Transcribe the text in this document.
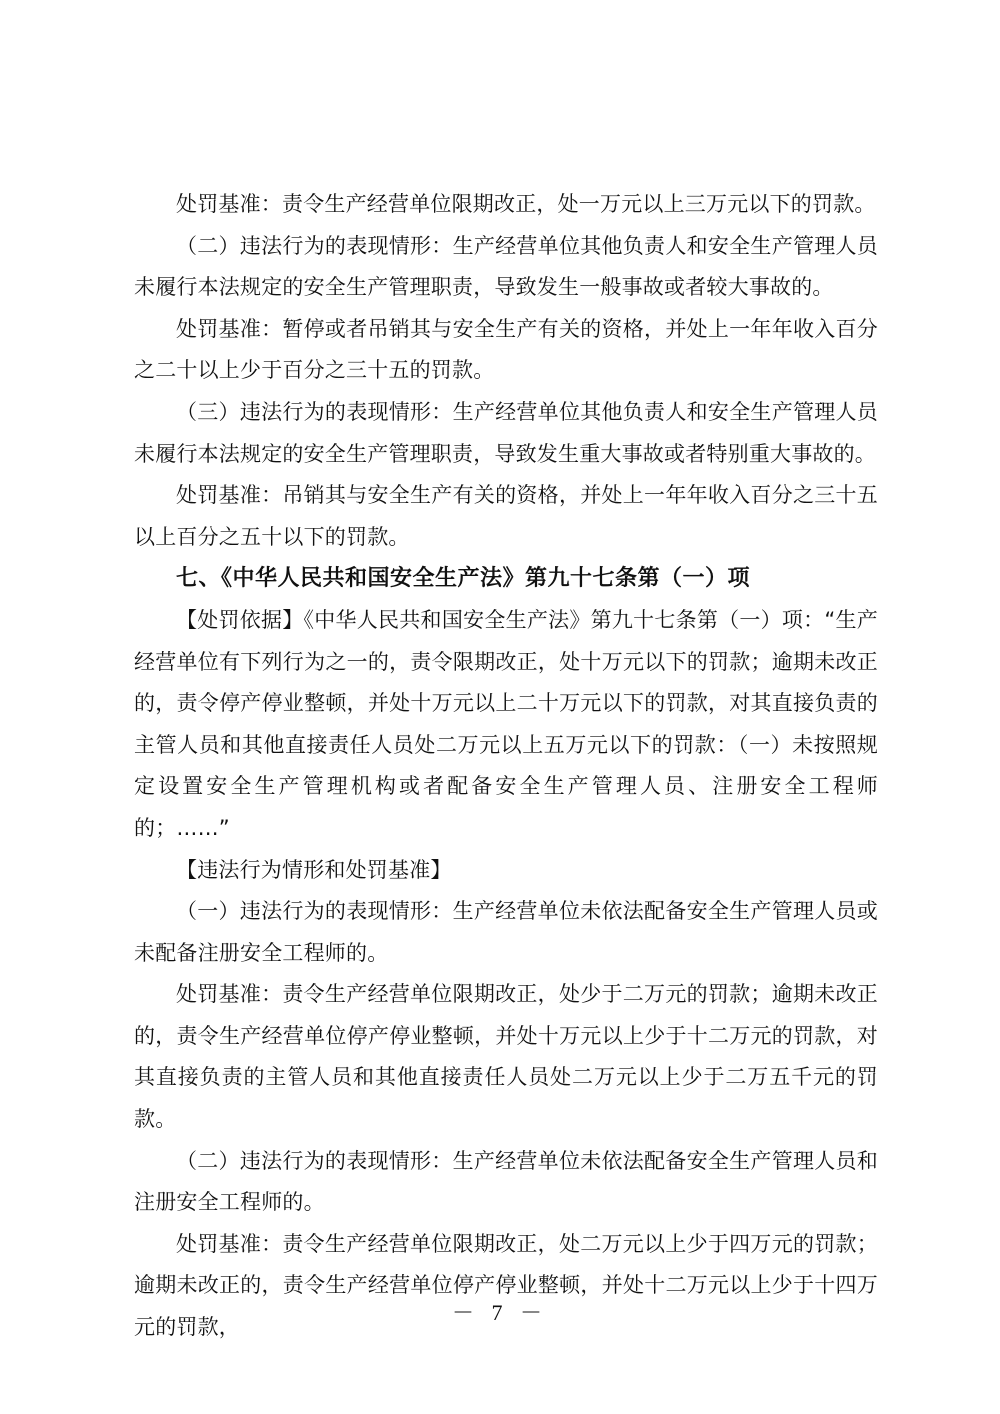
处罚基准：责令生产经营单位限期改正，处一万元以上三万元以下的罚款。

（二）违法行为的表现情形：生产经营单位其他负责人和安全生产管理人员未履行本法规定的安全生产管理职责，导致发生一般事故或者较大事故的。

处罚基准：暂停或者吊销其与安全生产有关的资格，并处上一年年收入百分之二十以上少于百分之三十五的罚款。

（三）违法行为的表现情形：生产经营单位其他负责人和安全生产管理人员未履行本法规定的安全生产管理职责，导致发生重大事故或者特别重大事故的。

处罚基准：吊销其与安全生产有关的资格，并处上一年年收入百分之三十五以上百分之五十以下的罚款。

七、《中华人民共和国安全生产法》第九十七条第（一）项

【处罚依据】《中华人民共和国安全生产法》第九十七条第（一）项：“生产经营单位有下列行为之一的，责令限期改正，处十万元以下的罚款；逾期未改正的，责令停产停业整顿，并处十万元以上二十万元以下的罚款，对其直接负责的主管人员和其他直接责任人员处二万元以上五万元以下的罚款：（一）未按照规定设置安全生产管理机构或者配备安全生产管理人员、注册安全工程师的；……”

【违法行为情形和处罚基准】

（一）违法行为的表现情形：生产经营单位未依法配备安全生产管理人员或未配备注册安全工程师的。

处罚基准：责令生产经营单位限期改正，处少于二万元的罚款；逾期未改正的，责令生产经营单位停产停业整顿，并处十万元以上少于十二万元的罚款，对其直接负责的主管人员和其他直接责任人员处二万元以上少于二万五千元的罚款。

（二）违法行为的表现情形：生产经营单位未依法配备安全生产管理人员和注册安全工程师的。

处罚基准：责令生产经营单位限期改正，处二万元以上少于四万元的罚款；逾期未改正的，责令生产经营单位停产停业整顿，并处十二万元以上少于十四万元的罚款，

－ 7 －
